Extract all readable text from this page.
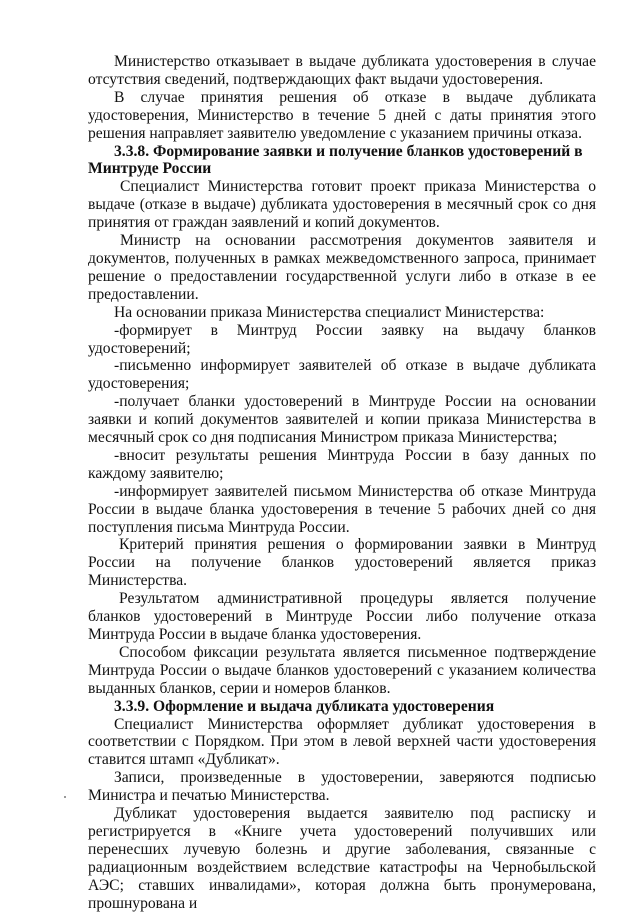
Министерство отказывает в выдаче дубликата удостоверения в случае отсутствия сведений, подтверждающих факт выдачи удостоверения.

В случае принятия решения об отказе в выдаче дубликата удостоверения, Министерство в течение 5 дней с даты принятия этого решения направляет заявителю уведомление с указанием причины отказа.

3.3.8. Формирование заявки и получение бланков удостоверений в Минтруде России

Специалист Министерства готовит проект приказа Министерства о выдаче (отказе в выдаче) дубликата удостоверения в месячный срок со дня принятия от граждан заявлений и копий документов.

Министр на основании рассмотрения документов заявителя и документов, полученных в рамках межведомственного запроса, принимает решение о предоставлении государственной услуги либо в отказе в ее предоставлении.

На основании приказа Министерства специалист Министерства:

-формирует в Минтруд России заявку на выдачу бланков удостоверений;

-письменно информирует заявителей об отказе в выдаче дубликата удостоверения;

-получает бланки удостоверений в Минтруде России на основании заявки и копий документов заявителей и копии приказа Министерства в месячный срок со дня подписания Министром приказа Министерства;

-вносит результаты решения Минтруда России в базу данных по каждому заявителю;

-информирует заявителей письмом Министерства об отказе Минтруда России в выдаче бланка удостоверения в течение 5 рабочих дней со дня поступления письма Минтруда России.

Критерий принятия решения о формировании заявки в Минтруд России на получение бланков удостоверений является приказ Министерства.

Результатом административной процедуры является получение бланков удостоверений в Минтруде России либо получение отказа Минтруда России в выдаче бланка удостоверения.

Способом фиксации результата является письменное подтверждение Минтруда России о выдаче бланков удостоверений с указанием количества выданных бланков, серии и номеров бланков.

3.3.9. Оформление и выдача дубликата удостоверения

Специалист Министерства оформляет дубликат удостоверения в соответствии с Порядком. При этом в левой верхней части удостоверения ставится штамп «Дубликат».

Записи, произведенные в удостоверении, заверяются подписью Министра и печатью Министерства.

Дубликат удостоверения выдается заявителю под расписку и регистрируется в «Книге учета удостоверений получивших или перенесших лучевую болезнь и другие заболевания, связанные с радиационным воздействием вследствие катастрофы на Чернобыльской АЭС; ставших инвалидами», которая должна быть пронумерована, прошнурована и
